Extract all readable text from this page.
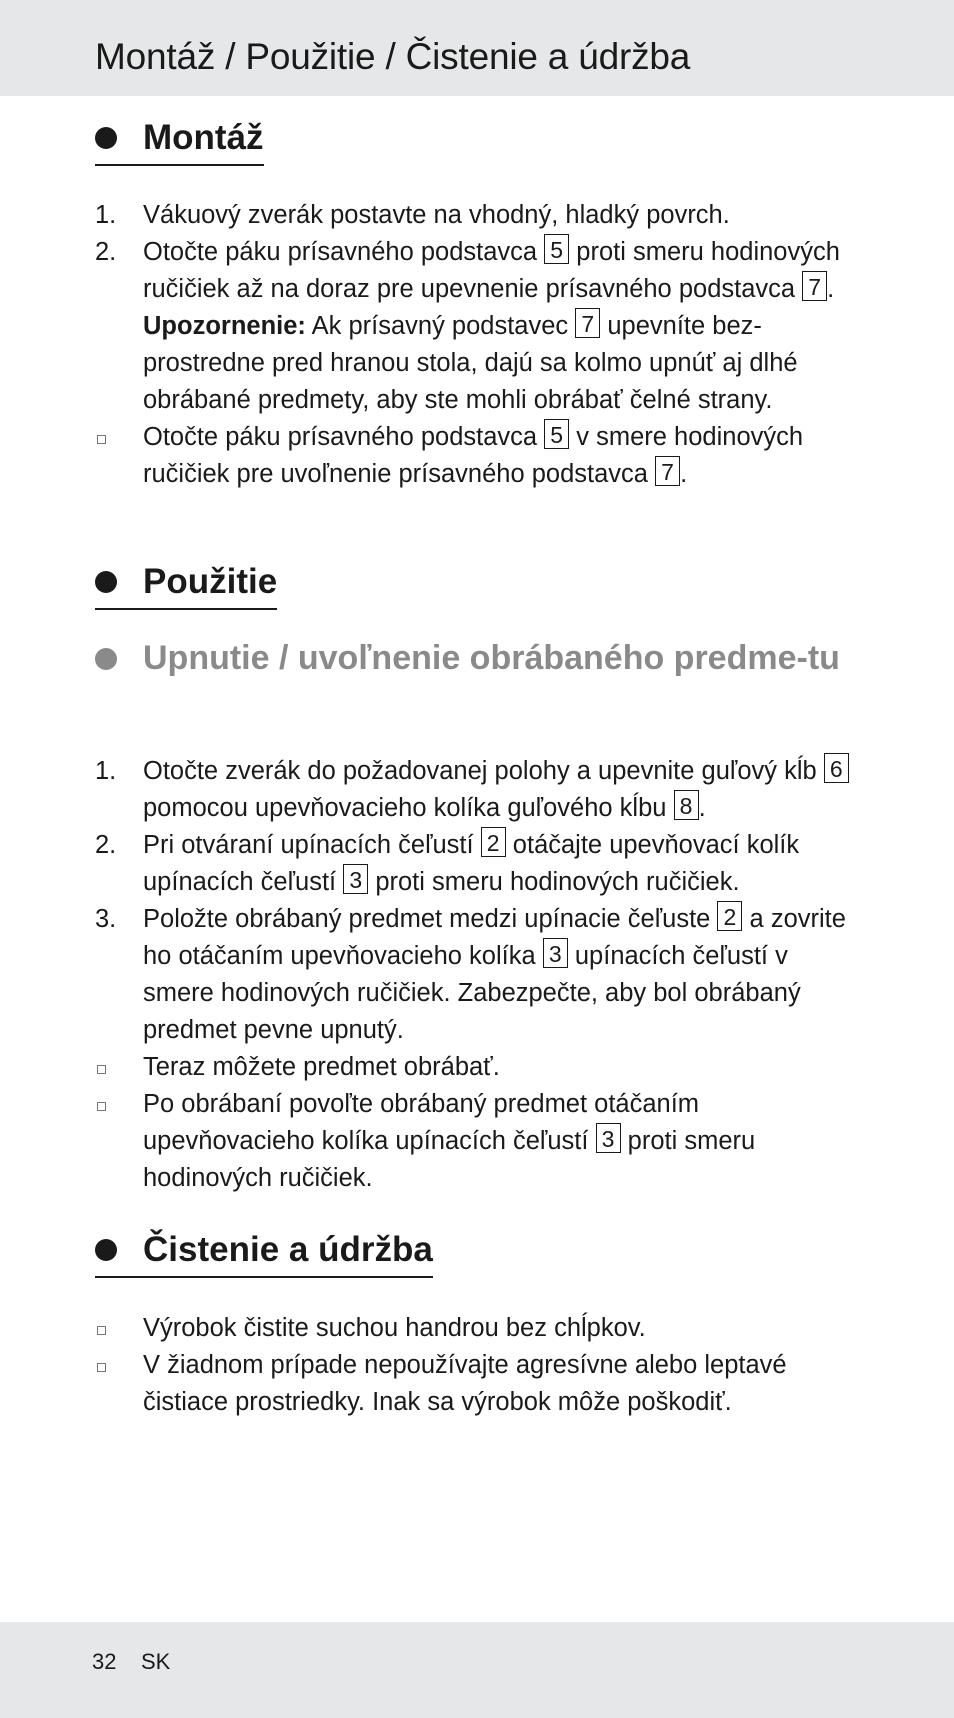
Montáž / Použitie / Čistenie a údržba
Montáž
1. Vákuový zverák postavte na vhodný, hladký povrch.
2. Otočte páku prísavného podstavca 5 proti smeru hodinových ručičiek až na doraz pre upevnenie prísavného podstavca 7 .
Upozornenie: Ak prísavný podstavec 7 upevníte bez-prostredne pred hranou stola, dajú sa kolmo upnúť aj dlhé obrábané predmety, aby ste mohli obrábať čelné strany.
Otočte páku prísavného podstavca 5 v smere hodinových ručičiek pre uvoľnenie prísavného podstavca 7 .
Použitie
Upnutie / uvoľnenie obrábaného predme-tu
1. Otočte zverák do požadovanej polohy a upevnite guľový kĺb 6 pomocou upevňovacieho kolíka guľového kĺbu 8 .
2. Pri otváraní upínacích čeľustí 2 otáčajte upevňovací kolík upínacích čeľustí 3 proti smeru hodinových ručičiek.
3. Položte obrábaný predmet medzi upínacie čeľuste 2 a zovrite ho otáčaním upevňovacieho kolíka 3 upínacích čeľustí v smere hodinových ručičiek. Zabezpečte, aby bol obrábaný predmet pevne upnutý.
Teraz môžete predmet obrábať.
Po obrábaní povoľte obrábaný predmet otáčaním upevňovacieho kolíka upínacích čeľustí 3 proti smeru hodinových ručičiek.
Čistenie a údržba
Výrobok čistite suchou handrou bez chĺpkov.
V žiadnom prípade nepoužívajte agresívne alebo leptavé čistiace prostriedky. Inak sa výrobok môže poškodiť.
32 SK
